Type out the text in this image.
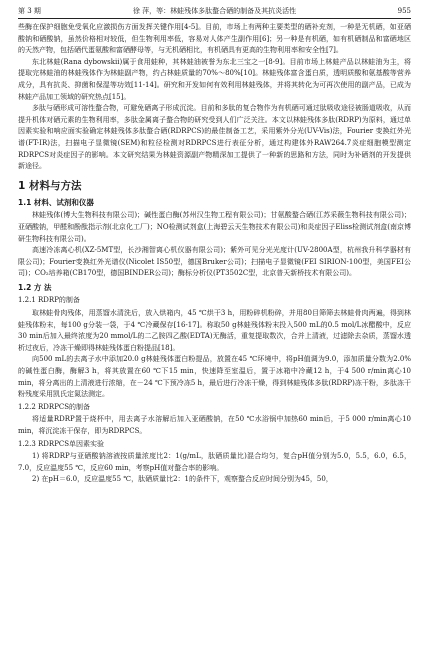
第 3 期	徐 萍，等：林蛙残体多肽螯合硒的制备及其抗炎活性	955

些酶在保护细胞免受氧化应激损伤方面发挥关键作用[4-5]。目前，市场上有两种主要类型的硒补充剂，一种是无机硒，如亚硒酸钠和硒酸钠，虽然价格相对较低，但生物利用率低，容易对人体产生副作用[6]；另一种是有机硒，如有机硒制品和富硒地区的天然产物，包括硒代蛋氨酸和富硒酵母等，与无机硒相比，有机硒具有更高的生物利用率和安全性[7]。

东北林蛙(Rana dybowskii)属于食用蛙种，其林蛙油被誉为东北三宝之一[8-9]。目前市场上林蛙产品以林蛙油为主，将提取完林蛙油的林蛙残体作为林蛙副产物，约占林蛙质量的70%～80%[10]。林蛙残体富含蛋白质，透明质酸和氨基酸等营养成分，具有抗炎、抑菌和保湿等功效[11-14]。研究和开发如何有效利用林蛙残体，并将其转化为可再次使用的副产品，已成为林蛙产品加工领域的研究热点[15]。

多肽与硒形成可溶性螯合物，可避免硒离子形成沉淀。目前和多肽的复合物作为有机硒可通过肽吸收途径被肠道吸收，从而提升机体对硒元素的生物利用率，多肽金属离子螯合物的研究受到人们广泛关注。本文以林蛙残体多肽(RDRP)为原料，通过单因素实验和响应面实验确定林蛙残体多肽螯合硒(RDRPCS)的最佳制备工艺，采用紫外分光(UV-Vis)法，Fourier 变换红外光谱(FT-IR)法，扫描电子显微镜(SEM)和粒径检测对RDRPCS进行表征分析，通过构建体外RAW264.7炎症细胞模型测定RDRPCS对炎症因子的影响。本文研究结果为林蛙资源副产物精深加工提供了一种新的思路和方法，同时为补硒剂的开发提供新途径。

1 材料与方法
1.1 材料、试剂和仪器

林蛙残体(博大生物科技有限公司)；碱性蛋白酶(苏州汉生物工程有限公司)；甘氨酸螯合硒(江苏采薇生物科技有限公司)；亚硒酸钠，甲醛和酚酞指示剂(北京化工厂)；NO检测试剂盒(上海碧云天生物技术有限公司)和炎症因子Eliss检测试剂盒(南京博研生物科技有限公司)。

高速冷冻离心机(XZ-5MT型，长沙湘智离心机仪器有限公司)；紫外可见分光光度计(UV-2800A型，杭州我升科学器材有限公司)；Fourier变换红外光谱仪(Nicolet IS50型，德国Bruker公司)；扫描电子显微镜(FEI SIRION-100型，美国FEI公司)；CO₂培养箱(CB170型，德国BINDER公司)；酶标分析仪(PT3502C型，北京普天新桥技术有限公司)。

1.2 方 法
1.2.1 RDRP的制备

取林蛙骨肉残体，用蒸馏水清洗后，放入烘箱内，45 ℃烘干3 h，用粉碎机粉碎，并用80目筛筛去林蛙骨肉两遍，得到林蛙残体粉末，每100 g分装一袋，于4 ℃冷藏保存[16-17]。称取50 g林蛙残体粉末投入500 mL的0.5 mol/L冰醋酸中，反应30 min后加入最终浓度为20 mmol/L的二乙胺四乙酸(EDTA)无酶活，重复提取数次，合并上清液，过滤除去杂质，蒸馏水透析过夜后，冷冻干燥即得林蛙残体蛋白粉提品[18]。

向500 mL的去离子水中添加20.0 g林蛙残体蛋白粉提品，放置在45 ℃环境中，将pH值调为9.0，添加质量分数为2.0%的碱性蛋白酶，酶解3 h，将其放置在60 ℃下15 min，快速降至室温后，置于冰箱中冷藏12 h，于4 500 r/min离心10 min，将分离出的上清液进行浓缩，在－24 ℃下预冷冻5 h，最后进行冷冻干燥，得到林蛙残体多肽(RDRP)冻干粉，多肽冻干粉残度采用凯氏定氮法测定。

1.2.2 RDRPCS的制备

将适量RDRP置于烧杯中，用去离子水溶解后加入亚硒酸钠，在50 ℃水浴锅中加热60 min后，于5 000 r/min离心10 min，将沉淀冻干保存，即为RDRPCS。

1.2.3 RDRPCS单因素实验

1) 将RDRP与亚硒酸钠溶液按质量浓度比2：1(g/mL，肽硒质量比)混合均匀，复合pH值分别为5.0，5.5，6.0，6.5，7.0，反应温度55 ℃，反应60 min，考察pH值对螯合率的影响。

2) 在pH＝6.0，反应温度55 ℃，肽硒质量比2：1的条件下，观察螯合反应时间分别为45，50，
